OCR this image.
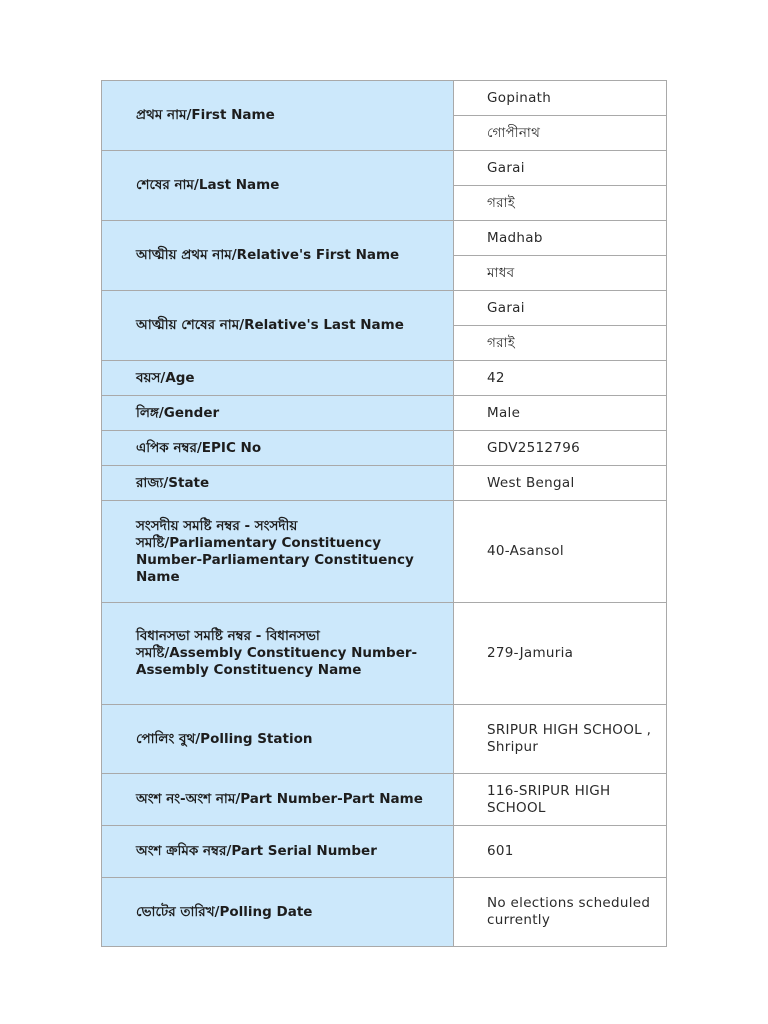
প্রথম নাম/First Name	Gopinath
	গোপীনাথ
শেষের নাম/Last Name	Garai
	গরাই
আত্মীয় প্রথম নাম/Relative's First Name	Madhab
	মাধব
আত্মীয় শেষের নাম/Relative's Last Name	Garai
	গরাই
বয়স/Age	42
লিঙ্গ/Gender	Male
এপিক নম্বর/EPIC No	GDV2512796
রাজ্য/State	West Bengal
সংসদীয় সমষ্টি নম্বর - সংসদীয় সমষ্টি/Parliamentary Constituency Number-Parliamentary Constituency Name	40-Asansol
বিধানসভা সমষ্টি নম্বর - বিধানসভা সমষ্টি/Assembly Constituency Number-Assembly Constituency Name	279-Jamuria
পোলিং বুথ/Polling Station	SRIPUR HIGH SCHOOL , Shripur
অংশ নং-অংশ নাম/Part Number-Part Name	116-SRIPUR HIGH SCHOOL
অংশ ক্রমিক নম্বর/Part Serial Number	601
ভোটের তারিখ/Polling Date	No elections scheduled currently
